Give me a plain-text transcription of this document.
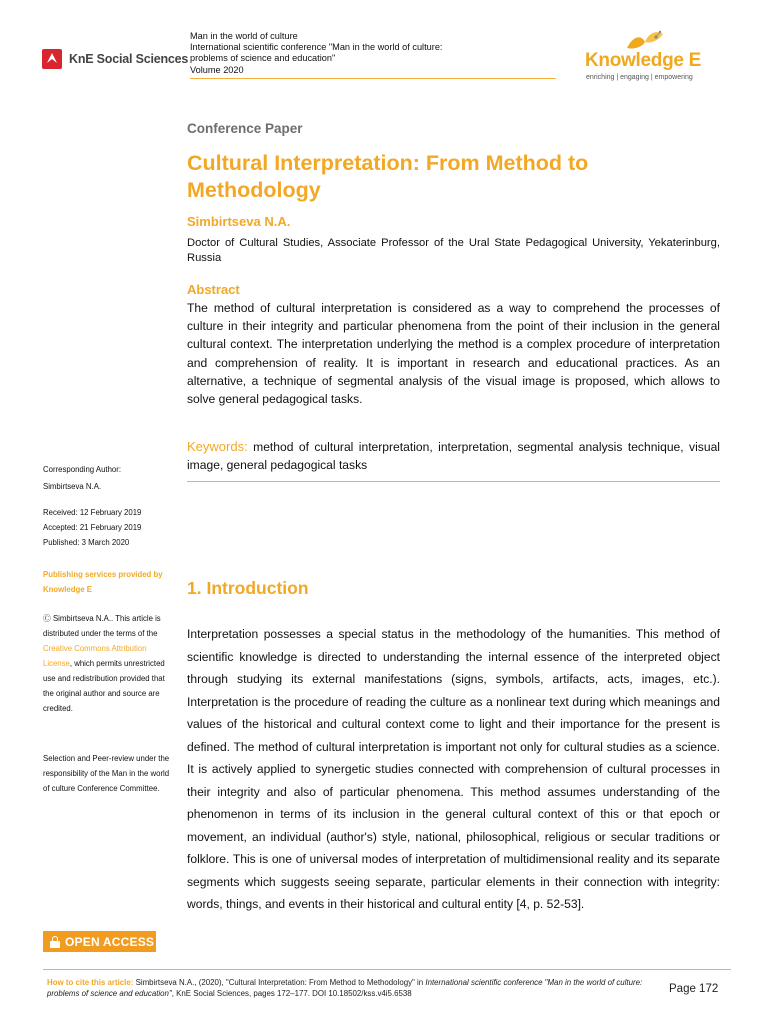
KnE Social Sciences
Man in the world of culture
International scientific conference "Man in the world of culture:
problems of science and education"
Volume 2020	Knowledge E
enriching | engaging | empowering
Conference Paper
Cultural Interpretation: From Method to Methodology
Simbirtseva N.A.
Doctor of Cultural Studies, Associate Professor of the Ural State Pedagogical University, Yekaterinburg, Russia
Abstract
The method of cultural interpretation is considered as a way to comprehend the processes of culture in their integrity and particular phenomena from the point of their inclusion in the general cultural context. The interpretation underlying the method is a complex procedure of interpretation and comprehension of reality. It is important in research and educational practices. As an alternative, a technique of segmental analysis of the visual image is proposed, which allows to solve general pedagogical tasks.
Keywords: method of cultural interpretation, interpretation, segmental analysis technique, visual image, general pedagogical tasks
Corresponding Author:
Simbirtseva N.A.
Received: 12 February 2019
Accepted: 21 February 2019
Published: 3 March 2020
Publishing services provided by Knowledge E
Ⓒ Simbirtseva N.A.. This article is distributed under the terms of the Creative Commons Attribution License, which permits unrestricted use and redistribution provided that the original author and source are credited.
Selection and Peer-review under the responsibility of the Man in the world of culture Conference Committee.
OPEN ACCESS
1. Introduction
Interpretation possesses a special status in the methodology of the humanities. This method of scientific knowledge is directed to understanding the internal essence of the interpreted object through studying its external manifestations (signs, symbols, artifacts, acts, images, etc.). Interpretation is the procedure of reading the culture as a nonlinear text during which meanings and values of the historical and cultural context come to light and their importance for the present is defined. The method of cultural interpretation is important not only for cultural studies as a science. It is actively applied to synergetic studies connected with comprehension of cultural processes in their integrity and also of particular phenomena. This method assumes understanding of the phenomenon in terms of its inclusion in the general cultural context of this or that epoch or movement, an individual (author's) style, national, philosophical, religious or secular traditions or folklore. This is one of universal modes of interpretation of multidimensional reality and its separate segments which suggests seeing separate, particular elements in their connection with integrity: words, things, and events in their historical and cultural entity [4, p. 52-53].
How to cite this article: Simbirtseva N.A., (2020), "Cultural Interpretation: From Method to Methodology" in International scientific conference "Man in the world of culture: problems of science and education", KnE Social Sciences, pages 172–177. DOI 10.18502/kss.v4i5.6538	Page 172
